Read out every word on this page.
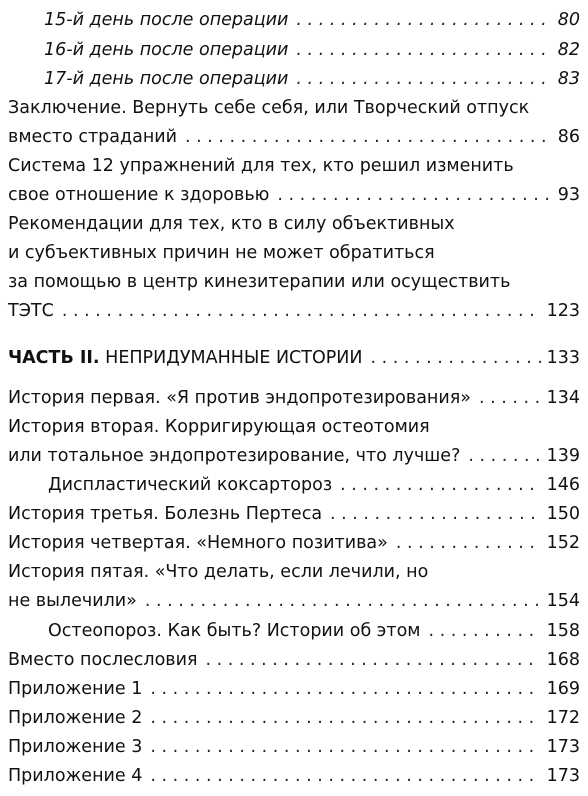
15-й день после операции . . .	80
16-й день после операции . . .	82
17-й день после операции . . .	83
Заключение. Вернуть себе себя, или Творческий отпуск
вместо страданий . . .	86
Система 12 упражнений для тех, кто решил изменить
свое отношение к здоровью . . .	93
Рекомендации для тех, кто в силу объективных
и субъективных причин не может обратиться
за помощью в центр кинезитерапии или осуществить
ТЭТС . . .	123
ЧАСТЬ II. НЕПРИДУМАННЫЕ ИСТОРИИ . . .	133
История первая. «Я против эндопротезирования» . . .	134
История вторая. Корригирующая остеотомия
или тотальное эндопротезирование, что лучше? . . .	139
Диспластический коксартороз . . .	146
История третья. Болезнь Пертеса . . .	150
История четвертая. «Немного позитива» . . .	152
История пятая. «Что делать, если лечили, но
не вылечили» . . .	154
Остеопороз. Как быть? Истории об этом . . .	158
Вместо послесловия . . .	168
Приложение 1 . . .	169
Приложение 2 . . .	172
Приложение 3 . . .	173
Приложение 4 . . .	173
